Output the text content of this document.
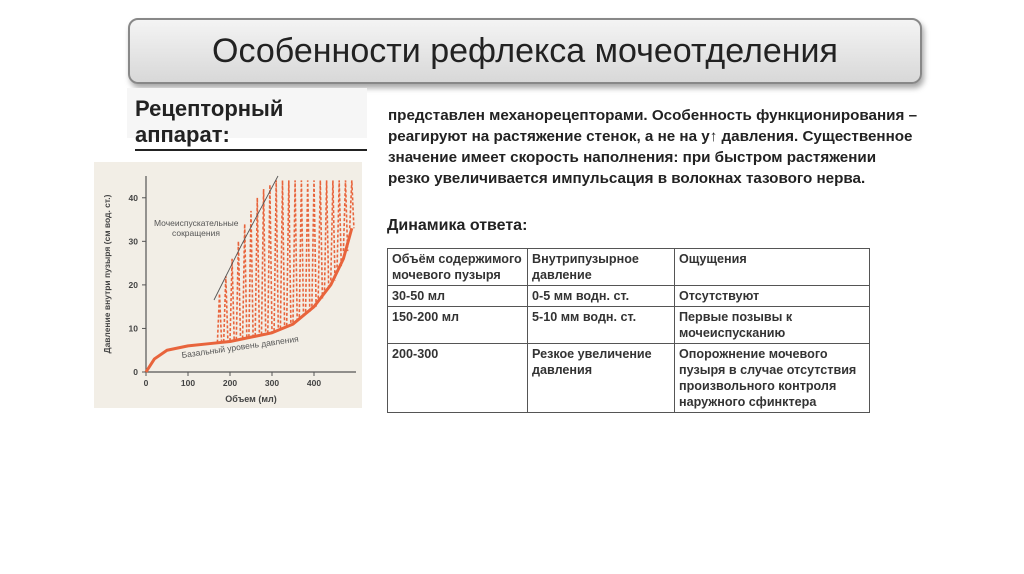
Особенности рефлекса мочеотделения
Рецепторный аппарат:
представлен механорецепторами. Особенность функционирования – реагируют на растяжение стенок, а не на у↑ давления. Существенное значение имеет скорость наполнения: при быстром растяжении резко увеличивается импульсация в волокнах тазового нерва.
0
10
20
30
40
0	100	200	300	400
Объем (мл)
Давление внутри пузыря (см вод. ст.)	Мочеиспускательные сокращения
Базальный уровень давления
Динамика ответа:
Объём содержимого мочевого пузыря	Внутрипузырное давление	Ощущения
30-50 мл	0-5 мм водн. ст.	Отсутствуют
150-200 мл	5-10 мм водн. ст.	Первые позывы к мочеиспусканию
200-300	Резкое увеличение давления	Опорожнение мочевого пузыря в случае отсутствия произвольного контроля наружного сфинктера
